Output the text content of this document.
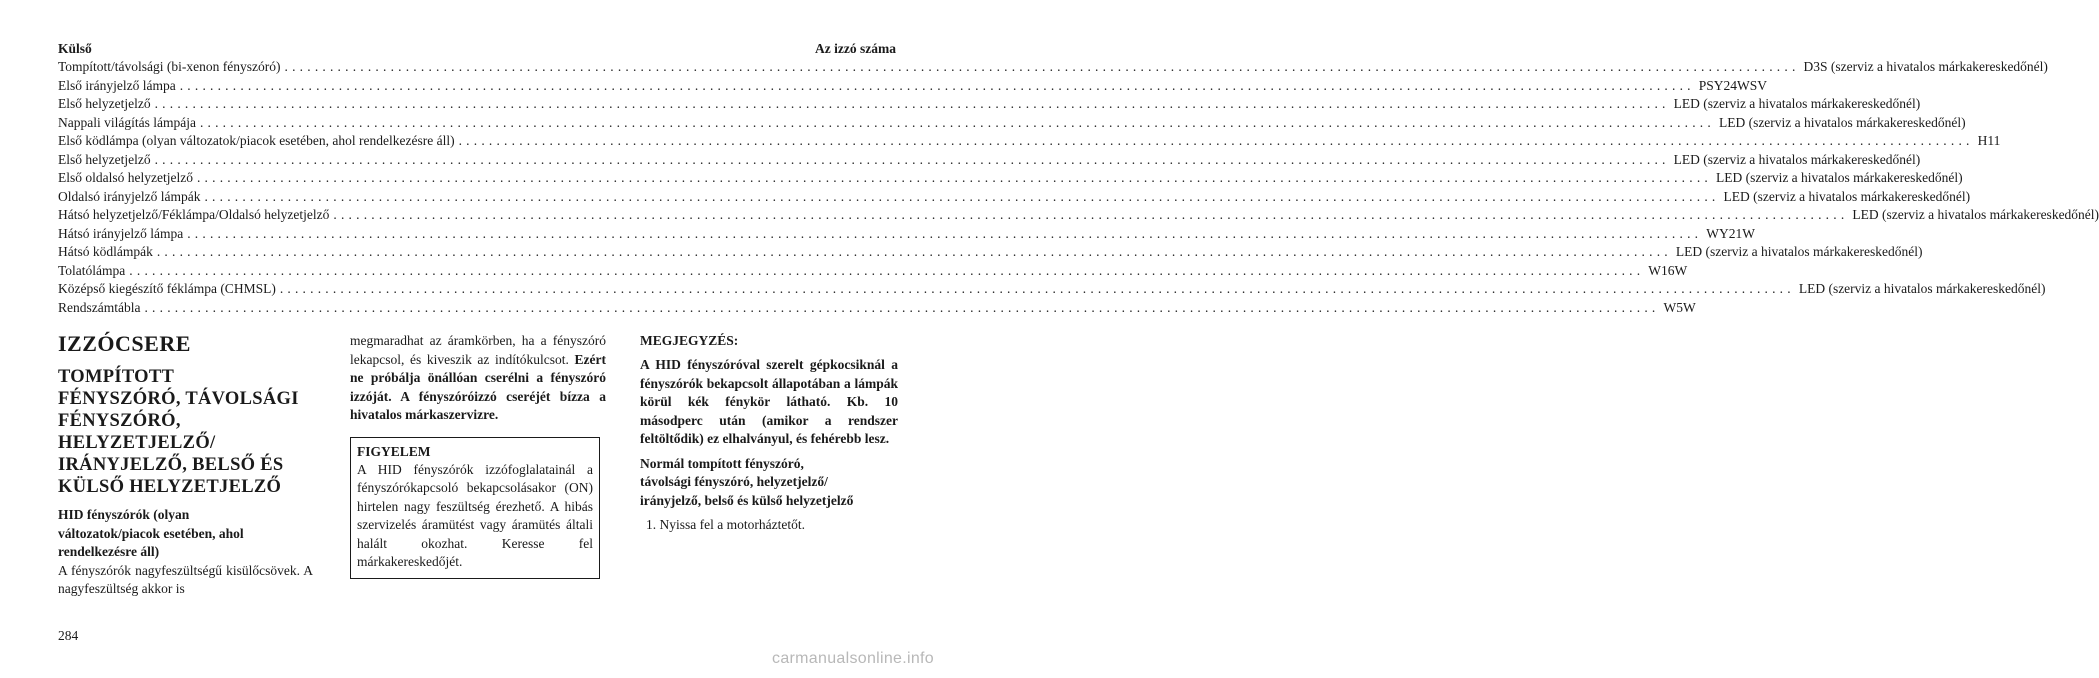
Külső	Az izzó száma
Tompított/távolsági (bi-xenon fényszóró) ........................................................................................................................................................................................................ D3S (szerviz a hivatalos márkakereskedőnél)
Első irányjelző lámpa ........................................................................................................................................................................................................ PSY24WSV
Első helyzetjelző ........................................................................................................................................................................................................ LED (szerviz a hivatalos márkakereskedőnél)
Nappali világítás lámpája ........................................................................................................................................................................................................ LED (szerviz a hivatalos márkakereskedőnél)
Első ködlámpa (olyan változatok/piacok esetében, ahol rendelkezésre áll) ........................................................................................................................................................................................................ H11
Első helyzetjelző ........................................................................................................................................................................................................ LED (szerviz a hivatalos márkakereskedőnél)
Első oldalsó helyzetjelző ........................................................................................................................................................................................................ LED (szerviz a hivatalos márkakereskedőnél)
Oldalsó irányjelző lámpák ........................................................................................................................................................................................................ LED (szerviz a hivatalos márkakereskedőnél)
Hátsó helyzetjelző/Féklámpa/Oldalsó helyzetjelző ........................................................................................................................................................................................................ LED (szerviz a hivatalos márkakereskedőnél)
Hátsó irányjelző lámpa ........................................................................................................................................................................................................ WY21W
Hátsó ködlámpák ........................................................................................................................................................................................................ LED (szerviz a hivatalos márkakereskedőnél)
Tolatólámpa ........................................................................................................................................................................................................ W16W
Középső kiegészítő féklámpa (CHMSL) ........................................................................................................................................................................................................ LED (szerviz a hivatalos márkakereskedőnél)
Rendszámtábla ........................................................................................................................................................................................................ W5W
IZZÓCSERE
TOMPÍTOTT
FÉNYSZÓRÓ, TÁVOLSÁGI
FÉNYSZÓRÓ,
HELYZETJELZŐ/
IRÁNYJELZŐ, BELSŐ ÉS
KÜLSŐ HELYZETJELZŐ
HID fényszórók (olyan
változatok/piacok esetében, ahol
rendelkezésre áll)

A fényszórók nagyfeszültségű kisülőcsövek. A nagyfeszültség akkor is

megmaradhat az áramkörben, ha a fényszóró lekapcsol, és kiveszik az indítókulcsot. Ezért ne próbálja önállóan cserélni a fényszóró izzóját. A fényszóróizzó cseréjét bízza a hivatalos márkaszervizre.

FIGYELEM

A HID fényszórók izzófoglalatainál a fényszórókapcsoló bekapcsolásakor (ON) hirtelen nagy feszültség érezhető. A hibás szervizelés áramütést vagy áramütés általi halált okozhat. Keresse fel márkakereskedőjét.

MEGJEGYZÉS:

A HID fényszóróval szerelt gépkocsiknál a fényszórók bekapcsolt állapotában a lámpák körül kék fénykör látható. Kb. 10 másodperc után (amikor a rendszer feltöltődik) ez elhalványul, és fehérebb lesz.

Normál tompított fényszóró,
távolsági fényszóró, helyzetjelző/
irányjelző, belső és külső helyzetjelző

1. Nyissa fel a motorháztetőt.

284
carmanualsonline.info
